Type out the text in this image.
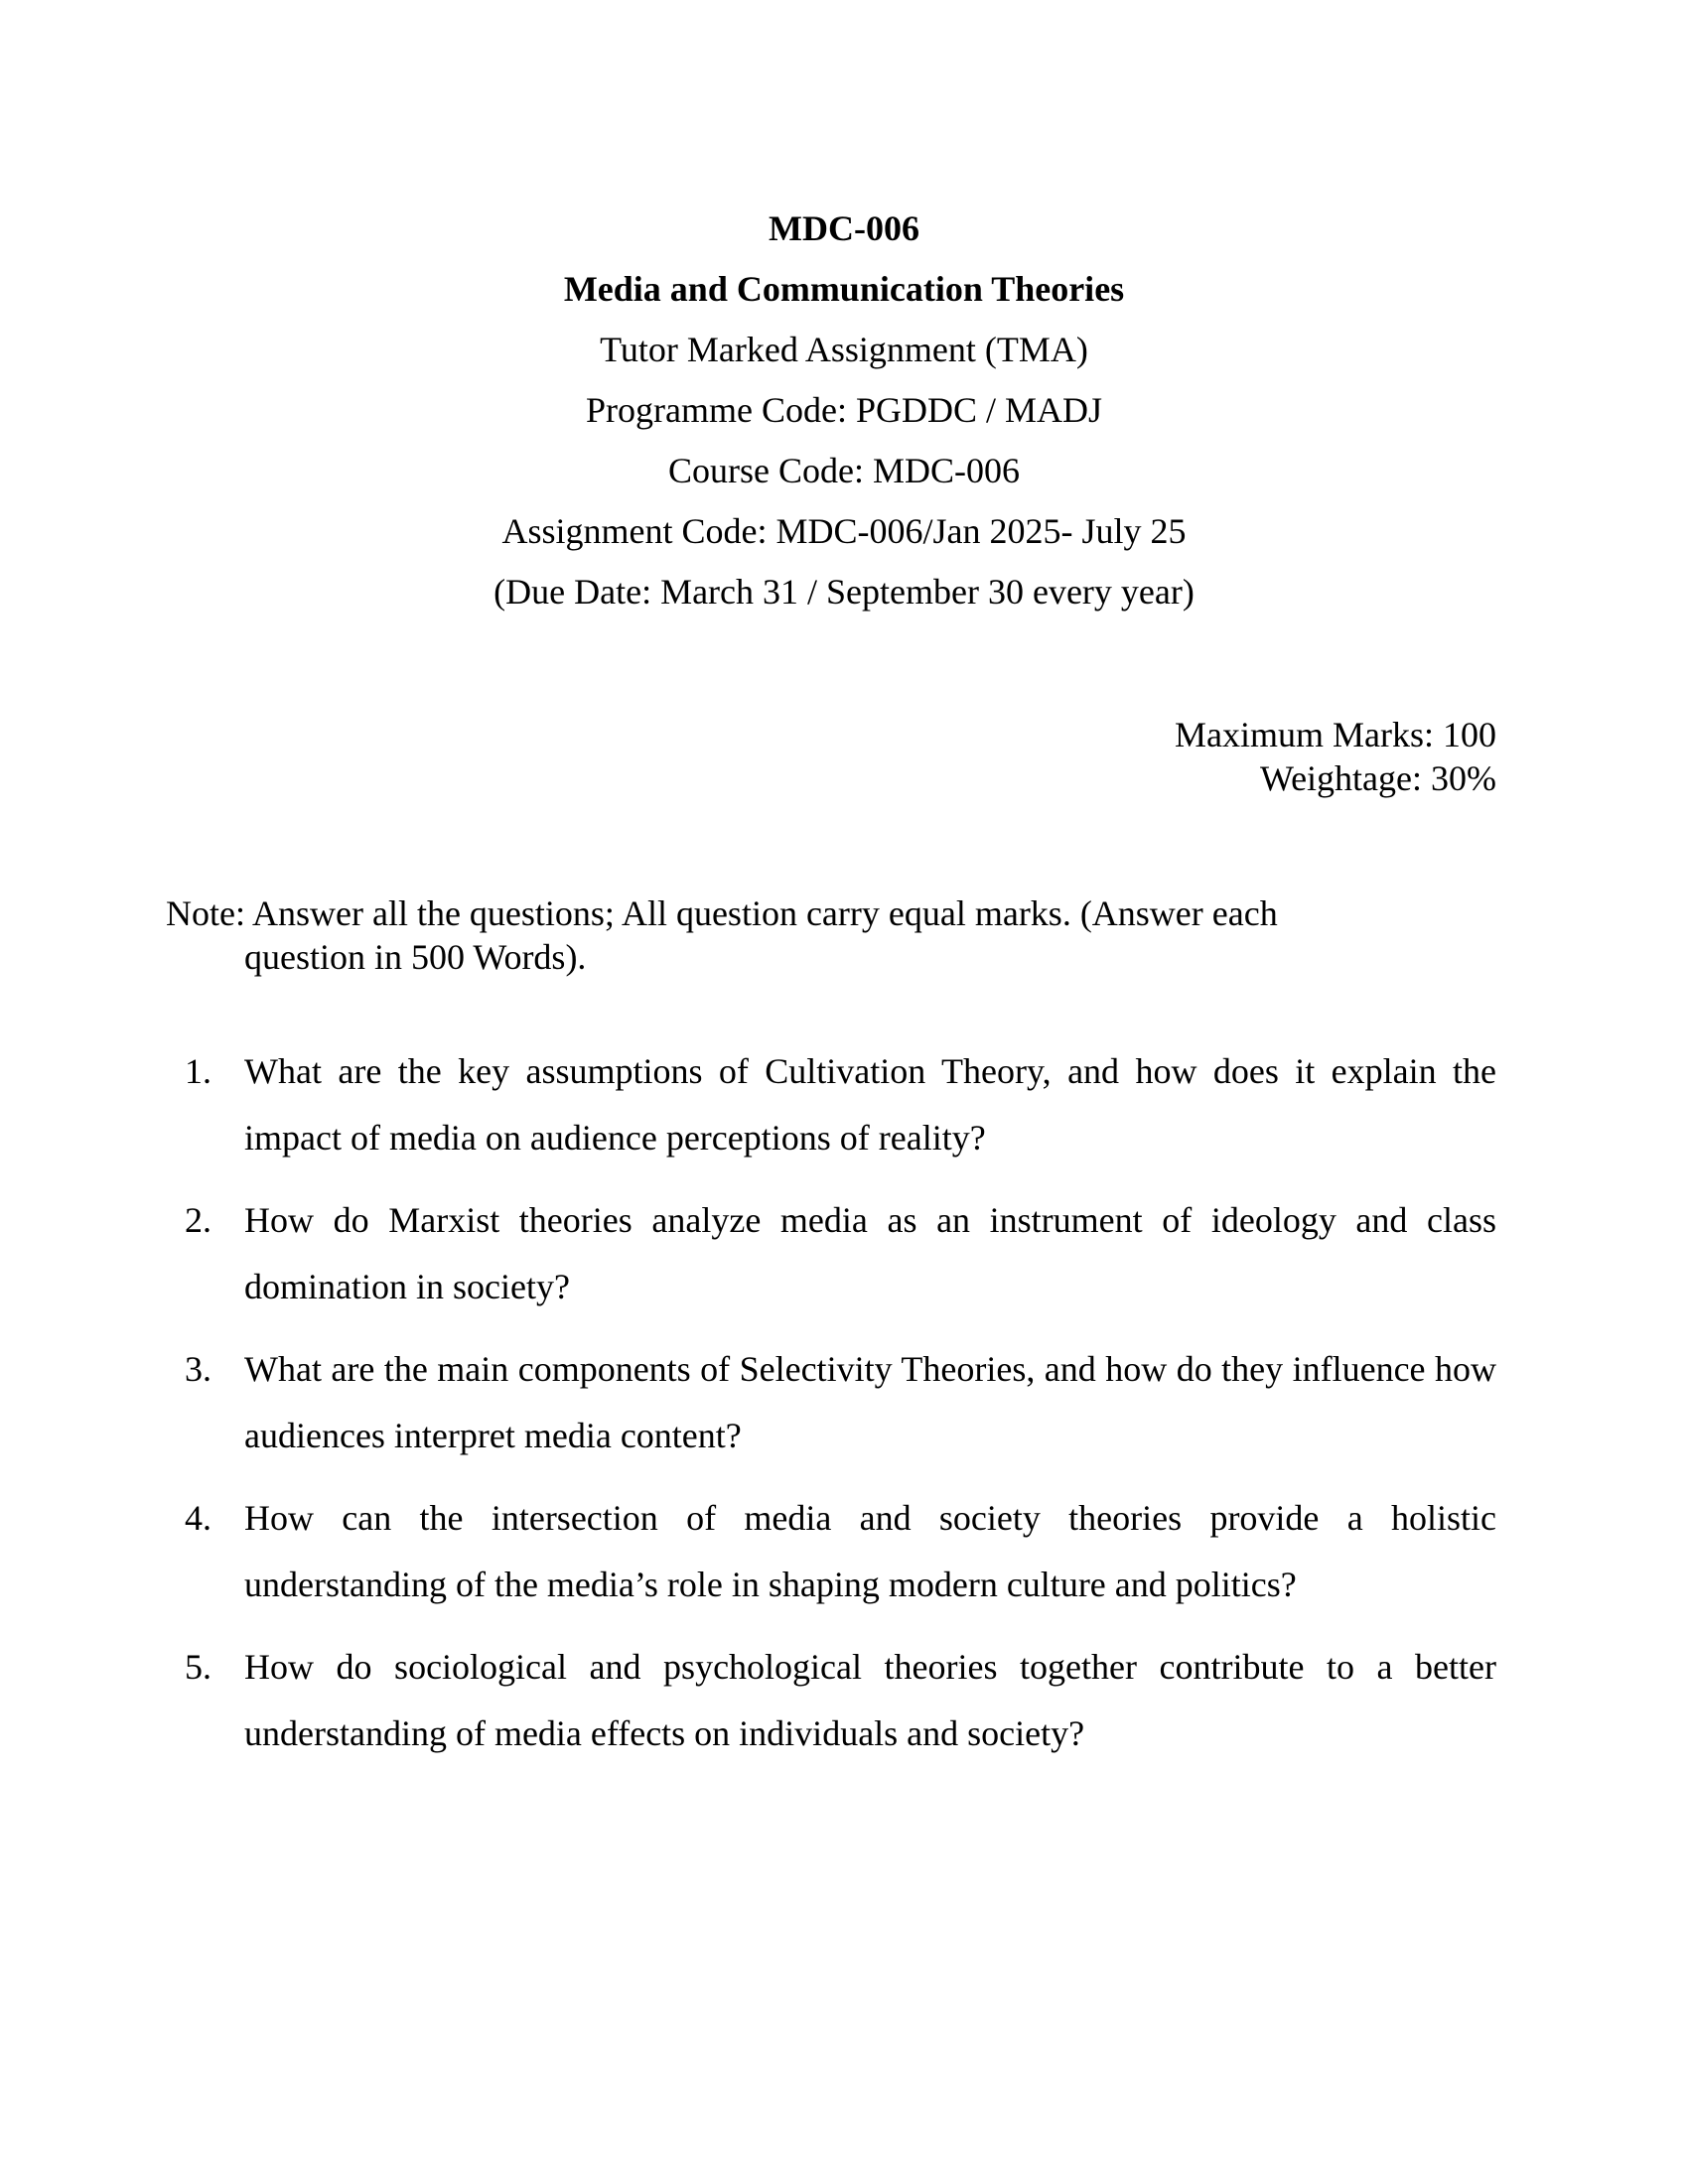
MDC-006
Media and Communication Theories
Tutor Marked Assignment (TMA)
Programme Code: PGDDC / MADJ
Course Code: MDC-006
Assignment Code: MDC-006/Jan 2025- July 25
(Due Date: March 31 / September 30 every year)
Maximum Marks: 100
Weightage: 30%
Note: Answer all the questions; All question carry equal marks. (Answer each
question in 500 Words).
1. What are the key assumptions of Cultivation Theory, and how does it explain the impact of media on audience perceptions of reality?
2. How do Marxist theories analyze media as an instrument of ideology and class domination in society?
3. What are the main components of Selectivity Theories, and how do they influence how audiences interpret media content?
4. How can the intersection of media and society theories provide a holistic understanding of the media’s role in shaping modern culture and politics?
5. How do sociological and psychological theories together contribute to a better understanding of media effects on individuals and society?
